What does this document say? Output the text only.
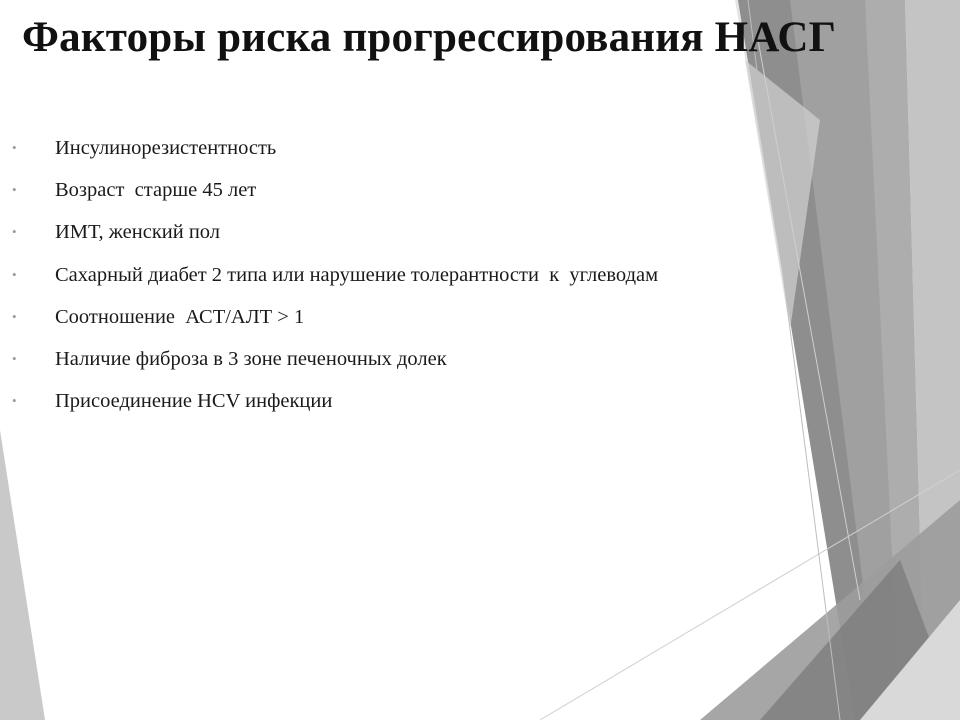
Факторы риска прогрессирования НАСГ
•	Инсулинорезистентность
•	Возраст  старше 45 лет
•	ИМТ, женский пол
•	Сахарный диабет 2 типа или нарушение толерантности  к  углеводам
•	Соотношение  АСТ/АЛТ > 1
•	Наличие фиброза в 3 зоне печеночных долек
•	Присоединение HCV инфекции
